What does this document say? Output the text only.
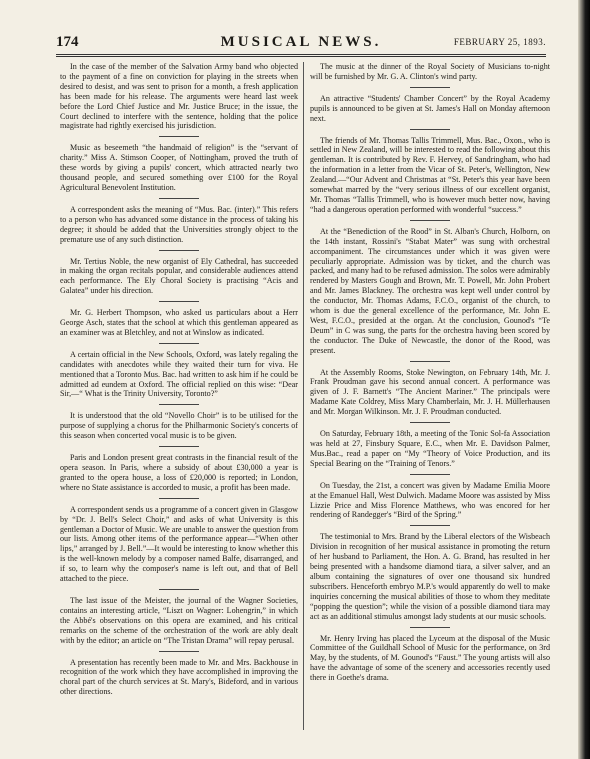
174	MUSICAL NEWS.	FEBRUARY 25, 1893.

In the case of the member of the Salvation Army band who objected to the payment of a fine on conviction for playing in the streets when desired to desist, and was sent to prison for a month, a fresh application has been made for his release. The arguments were heard last week before the Lord Chief Justice and Mr. Justice Bruce; in the issue, the Court declined to interfere with the sentence, holding that the police magistrate had rightly exercised his jurisdiction.

Music as beseemeth “the handmaid of religion” is the “servant of charity.” Miss A. Stimson Cooper, of Nottingham, proved the truth of these words by giving a pupils' concert, which attracted nearly two thousand people, and secured something over £100 for the Royal Agricultural Benevolent Institution.

A correspondent asks the meaning of “Mus. Bac. (inter).” This refers to a person who has advanced some distance in the process of taking his degree; it should be added that the Universities strongly object to the premature use of any such distinction.

Mr. Tertius Noble, the new organist of Ely Cathedral, has succeeded in making the organ recitals popular, and considerable audiences attend each performance. The Ely Choral Society is practising “Acis and Galatea” under his direction.

Mr. G. Herbert Thompson, who asked us particulars about a Herr George Asch, states that the school at which this gentleman appeared as an examiner was at Bletchley, and not at Winslow as indicated.

A certain official in the New Schools, Oxford, was lately regaling the candidates with anecdotes while they waited their turn for viva. He mentioned that a Toronto Mus. Bac. had written to ask him if he could be admitted ad eundem at Oxford. The official replied on this wise: “Dear Sir,—“ What is the Trinity University, Toronto?”

It is understood that the old “Novello Choir” is to be utilised for the purpose of supplying a chorus for the Philharmonic Society's concerts of this season when concerted vocal music is to be given.

Paris and London present great contrasts in the financial result of the opera season. In Paris, where a subsidy of about £30,000 a year is granted to the opera house, a loss of £20,000 is reported; in London, where no State assistance is accorded to music, a profit has been made.

A correspondent sends us a programme of a concert given in Glasgow by “Dr. J. Bell's Select Choir,” and asks of what University is this gentleman a Doctor of Music. We are unable to answer the question from our lists. Among other items of the performance appear—“When other lips,” arranged by J. Bell.”—It would be interesting to know whether this is the well-known melody by a composer named Balfe, disarranged, and if so, to learn why the composer's name is left out, and that of Bell attached to the piece.

The last issue of the Meister, the journal of the Wagner Societies, contains an interesting article, “Liszt on Wagner: Lohengrin,” in which the Abbé's observations on this opera are examined, and his critical remarks on the scheme of the orchestration of the work are ably dealt with by the editor; an article on “The Tristan Drama” will repay perusal.

A presentation has recently been made to Mr. and Mrs. Backhouse in recognition of the work which they have accomplished in improving the choral part of the church services at St. Mary's, Bideford, and in various other directions.

The music at the dinner of the Royal Society of Musicians to-night will be furnished by Mr. G. A. Clinton's wind party.

An attractive “Students' Chamber Concert” by the Royal Academy pupils is announced to be given at St. James's Hall on Monday afternoon next.

The friends of Mr. Thomas Tallis Trimmell, Mus. Bac., Oxon., who is settled in New Zealand, will be interested to read the following about this gentleman. It is contributed by Rev. F. Hervey, of Sandringham, who had the information in a letter from the Vicar of St. Peter's, Wellington, New Zealand.—“Our Advent and Christmas at “St. Peter's this year have been somewhat marred by the “very serious illness of our excellent organist, Mr. Thomas “Tallis Trimmell, who is however much better now, having “had a dangerous operation performed with wonderful “success.”

At the “Benediction of the Rood” in St. Alban's Church, Holborn, on the 14th instant, Rossini's “Stabat Mater” was sung with orchestral accompaniment. The circumstances under which it was given were peculiarly appropriate. Admission was by ticket, and the church was packed, and many had to be refused admission. The solos were admirably rendered by Masters Gough and Brown, Mr. T. Powell, Mr. John Probert and Mr. James Blackney. The orchestra was kept well under control by the conductor, Mr. Thomas Adams, F.C.O., organist of the church, to whom is due the general excellence of the performance, Mr. John E. West, F.C.O., presided at the organ. At the conclusion, Gounod's “Te Deum” in C was sung, the parts for the orchestra having been scored by the conductor. The Duke of Newcastle, the donor of the Rood, was present.

At the Assembly Rooms, Stoke Newington, on February 14th, Mr. J. Frank Proudman gave his second annual concert. A performance was given of J. F. Barnett's “The Ancient Mariner.” The principals were Madame Kate Coldrey, Miss Mary Chamberlain, Mr. J. H. Müllerhausen and Mr. Morgan Wilkinson. Mr. J. F. Proudman conducted.

On Saturday, February 18th, a meeting of the Tonic Sol-fa Association was held at 27, Finsbury Square, E.C., when Mr. E. Davidson Palmer, Mus.Bac., read a paper on “My “Theory of Voice Production, and its Special Bearing on the “Training of Tenors.”

On Tuesday, the 21st, a concert was given by Madame Emilia Moore at the Emanuel Hall, West Dulwich. Madame Moore was assisted by Miss Lizzie Price and Miss Florence Matthews, who was encored for her rendering of Randegger's “Bird of the Spring.”

The testimonial to Mrs. Brand by the Liberal electors of the Wisbeach Division in recognition of her musical assistance in promoting the return of her husband to Parliament, the Hon. A. G. Brand, has resulted in her being presented with a handsome diamond tiara, a silver salver, and an album containing the signatures of over one thousand six hundred subscribers. Henceforth embryo M.P.'s would apparently do well to make inquiries concerning the musical abilities of those to whom they meditate “popping the question”; while the vision of a possible diamond tiara may act as an additional stimulus amongst lady students at our music schools.

Mr. Henry Irving has placed the Lyceum at the disposal of the Music Committee of the Guildhall School of Music for the performance, on 3rd May, by the students, of M. Gounod's “Faust.” The young artists will also have the advantage of some of the scenery and accessories recently used there in Goethe's drama.
